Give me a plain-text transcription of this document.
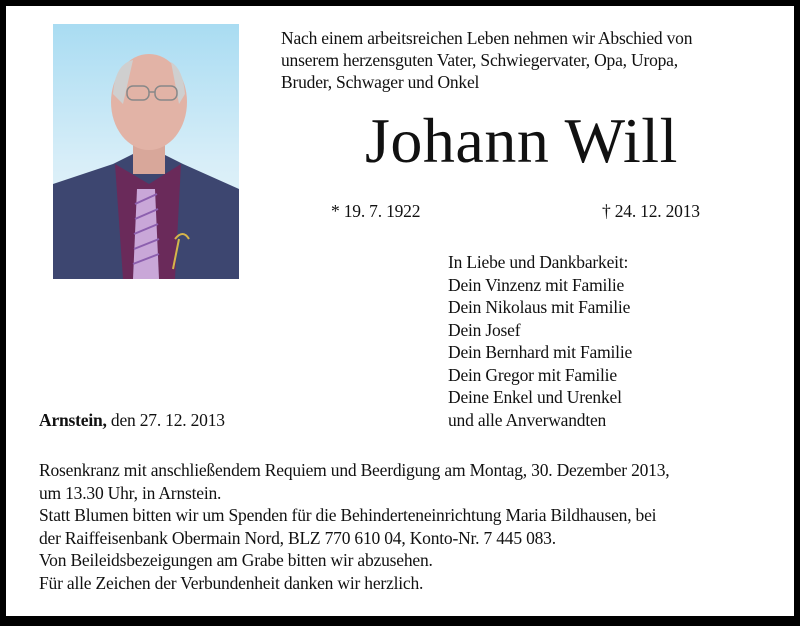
Nach einem arbeitsreichen Leben nehmen wir Abschied von
unserem herzensguten Vater, Schwiegervater, Opa, Uropa,
Bruder, Schwager und Onkel
Johann Will
* 19. 7. 1922	† 24. 12. 2013
In Liebe und Dankbarkeit:
Dein Vinzenz mit Familie
Dein Nikolaus mit Familie
Dein Josef
Dein Bernhard mit Familie
Dein Gregor mit Familie
Deine Enkel und Urenkel
und alle Anverwandten
Arnstein, den 27. 12. 2013
Rosenkranz mit anschließendem Requiem und Beerdigung am Montag, 30. Dezember 2013,
um 13.30 Uhr, in Arnstein.
Statt Blumen bitten wir um Spenden für die Behinderteneinrichtung Maria Bildhausen, bei
der Raiffeisenbank Obermain Nord, BLZ 770 610 04, Konto-Nr. 7 445 083.
Von Beileidsbezeigungen am Grabe bitten wir abzusehen.
Für alle Zeichen der Verbundenheit danken wir herzlich.
